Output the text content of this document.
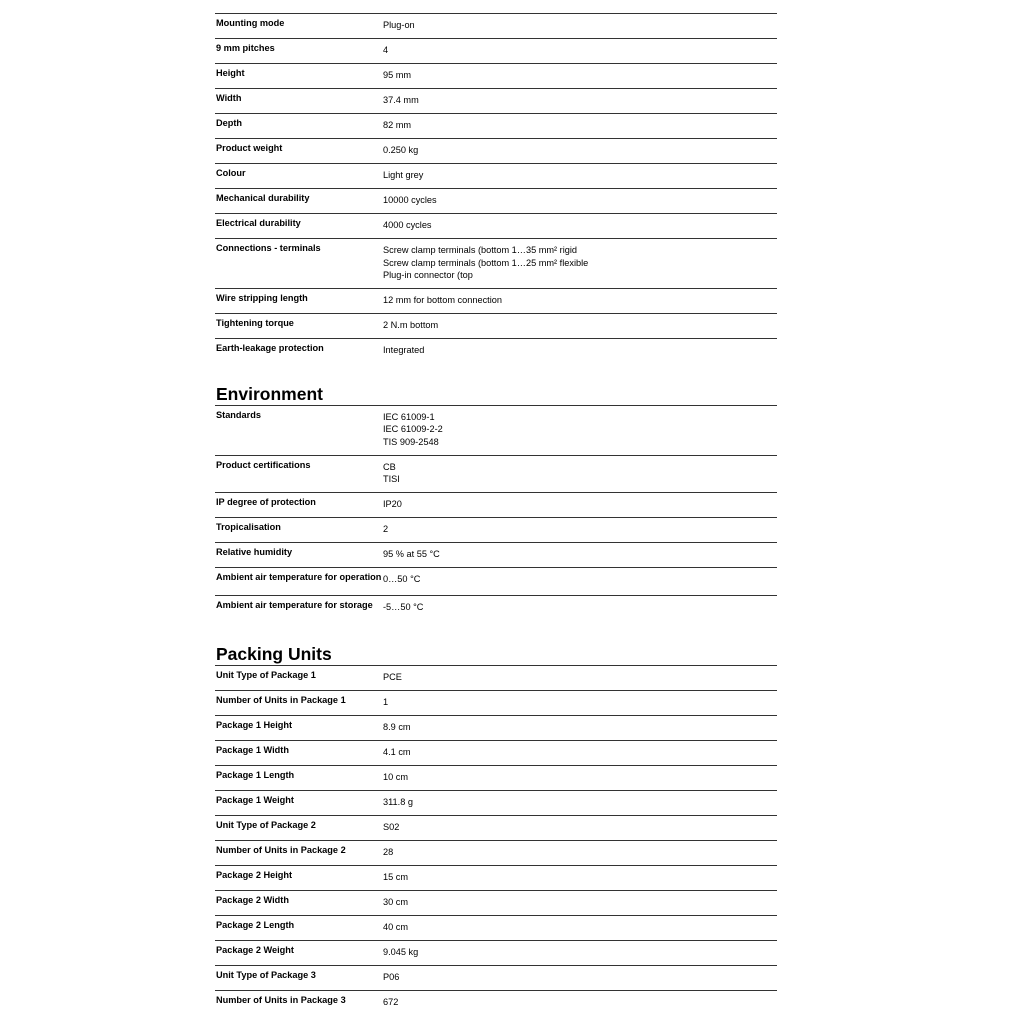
Mounting mode	Plug-on
9 mm pitches	4
Height	95 mm
Width	37.4 mm
Depth	82 mm
Product weight	0.250 kg
Colour	Light grey
Mechanical durability	10000 cycles
Electrical durability	4000 cycles
Connections - terminals	Screw clamp terminals (bottom 1…35 mm² rigid
Screw clamp terminals (bottom 1…25 mm² flexible
Plug-in connector (top
Wire stripping length	12 mm for bottom connection
Tightening torque	2 N.m bottom
Earth-leakage protection	Integrated
Environment
Standards	IEC 61009-1
IEC 61009-2-2
TIS 909-2548
Product certifications	CB
TISI
IP degree of protection	IP20
Tropicalisation	2
Relative humidity	95 % at 55 °C
Ambient air temperature for operation 0…50 °C
Ambient air temperature for storage	-5…50 °C
Packing Units
Unit Type of Package 1	PCE
Number of Units in Package 1	1
Package 1 Height	8.9 cm
Package 1 Width	4.1 cm
Package 1 Length	10 cm
Package 1 Weight	311.8 g
Unit Type of Package 2	S02
Number of Units in Package 2	28
Package 2 Height	15 cm
Package 2 Width	30 cm
Package 2 Length	40 cm
Package 2 Weight	9.045 kg
Unit Type of Package 3	P06
Number of Units in Package 3	672
